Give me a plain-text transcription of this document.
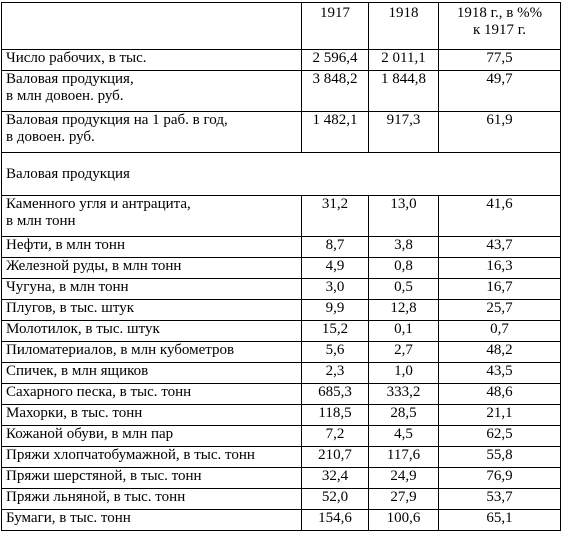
	1917	1918	1918 г., в %%
к 1917 г.

Число рабочих, в тыс.	2 596,4	2 011,1	77,5

Валовая продукция,
в млн довоен. руб.	3 848,2	1 844,8	49,7

Валовая продукция на 1 раб. в год,
в довоен. руб.	1 482,1	917,3	61,9
Валовая продукция			

Каменного угля и антрацита,
в млн тонн	31,2	13,0	41,6

Нефти, в млн тонн	8,7	3,8	43,7

Железной руды, в млн тонн	4,9	0,8	16,3

Чугуна, в млн тонн	3,0	0,5	16,7

Плугов, в тыс. штук	9,9	12,8	25,7

Молотилок, в тыс. штук	15,2	0,1	0,7

Пиломатериалов, в млн кубометров	5,6	2,7	48,2

Спичек, в млн ящиков	2,3	1,0	43,5

Сахарного песка, в тыс. тонн	685,3	333,2	48,6

Махорки, в тыс. тонн	118,5	28,5	21,1

Кожаной обуви, в млн пар	7,2	4,5	62,5

Пряжи хлопчатобумажной, в тыс. тонн	210,7	117,6	55,8

Пряжи шерстяной, в тыс. тонн	32,4	24,9	76,9

Пряжи льняной, в тыс. тонн	52,0	27,9	53,7

Бумаги, в тыс. тонн	154,6	100,6	65,1
